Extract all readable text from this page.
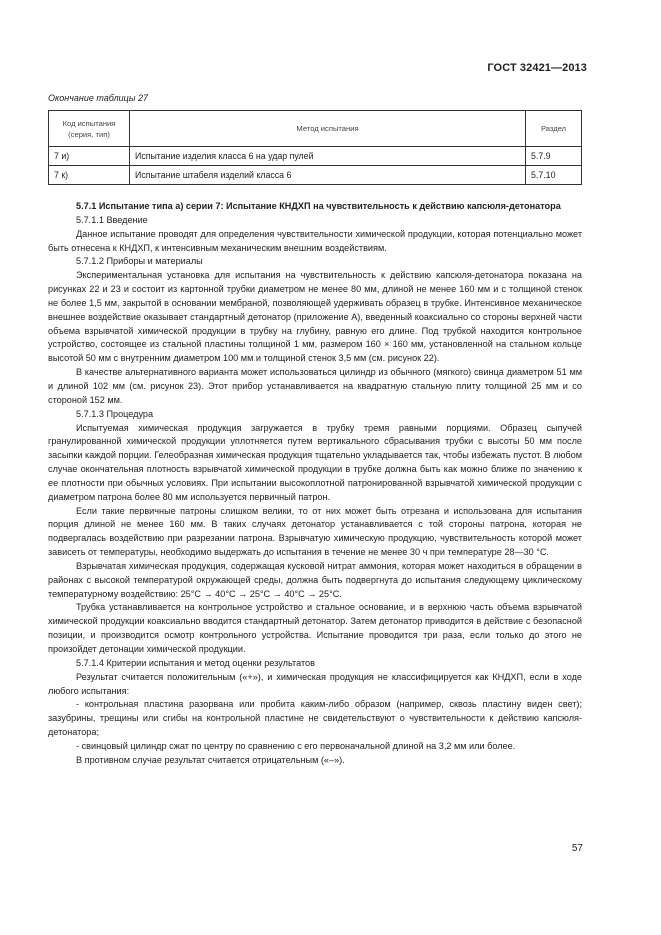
ГОСТ 32421—2013
Окончание таблицы 27
Код испытания (серия, тип)	Метод испытания	Раздел
7 и)	Испытание изделия класса 6 на удар пулей	5.7.9
7 к)	Испытание штабеля изделий класса 6	5.7.10

5.7.1 Испытание типа а) серии 7: Испытание КНДХП на чувствительность к действию капсюля-детонатора

5.7.1.1 Введение

Данное испытание проводят для определения чувствительности химической продукции, которая потенциально может быть отнесена к КНДХП, к интенсивным механическим внешним воздействиям.

5.7.1.2 Приборы и материалы

Экспериментальная установка для испытания на чувствительность к действию капсюля-детонатора показана на рисунках 22 и 23 и состоит из картонной трубки диаметром не менее 80 мм, длиной не менее 160 мм и с толщиной стенок не более 1,5 мм, закрытой в основании мембраной, позволяющей удерживать образец в трубке. Интенсивное механическое внешнее воздействие оказывает стандартный детонатор (приложение А), введенный коаксиально со стороны верхней части объема взрывчатой химической продукции в трубку на глубину, равную его длине. Под трубкой находится контрольное устройство, состоящее из стальной пластины толщиной 1 мм, размером 160 × 160 мм, установленной на стальном кольце высотой 50 мм с внутренним диаметром 100 мм и толщиной стенок 3,5 мм (см. рисунок 22).

В качестве альтернативного варианта может использоваться цилиндр из обычного (мягкого) свинца диаметром 51 мм и длиной 102 мм (см. рисунок 23). Этот прибор устанавливается на квадратную стальную плиту толщиной 25 мм и со стороной 152 мм.

5.7.1.3 Процедура

Испытуемая химическая продукция загружается в трубку тремя равными порциями. Образец сыпучей гранулированной химической продукции уплотняется путем вертикального сбрасывания трубки с высоты 50 мм после засыпки каждой порции. Гелеобразная химическая продукция тщательно укладывается так, чтобы избежать пустот. В любом случае окончательная плотность взрывчатой химической продукции в трубке должна быть как можно ближе по значению к ее плотности при обычных условиях. При испытании высокоплотной патронированной взрывчатой химической продукции с диаметром патрона более 80 мм используется первичный патрон.

Если такие первичные патроны слишком велики, то от них может быть отрезана и использована для испытания порция длиной не менее 160 мм. В таких случаях детонатор устанавливается с той стороны патрона, которая не подвергалась воздействию при разрезании патрона. Взрывчатую химическую продукцию, чувствительность которой может зависеть от температуры, необходимо выдержать до испытания в течение не менее 30 ч при температуре 28—30 °С.

Взрывчатая химическая продукция, содержащая кусковой нитрат аммония, которая может находиться в обращении в районах с высокой температурой окружающей среды, должна быть подвергнута до испытания следующему циклическому температурному воздействию: 25°С → 40°С → 25°С → 40°С → 25°С.

Трубка устанавливается на контрольное устройство и стальное основание, и в верхнюю часть объема взрывчатой химической продукции коаксиально вводится стандартный детонатор. Затем детонатор приводится в действие с безопасной позиции, и производится осмотр контрольного устройства. Испытание проводится три раза, если только до этого не произойдет детонации химической продукции.

5.7.1.4 Критерии испытания и метод оценки результатов

Результат считается положительным («+»), и химическая продукция не классифицируется как КНДХП, если в ходе любого испытания:

- контрольная пластина разорвана или пробита каким-либо образом (например, сквозь пластину виден свет); зазубрины, трещины или сгибы на контрольной пластине не свидетельствуют о чувствительности к действию капсюля-детонатора;

- свинцовый цилиндр сжат по центру по сравнению с его первоначальной длиной на 3,2 мм или более.

В противном случае результат считается отрицательным («–»).

57
